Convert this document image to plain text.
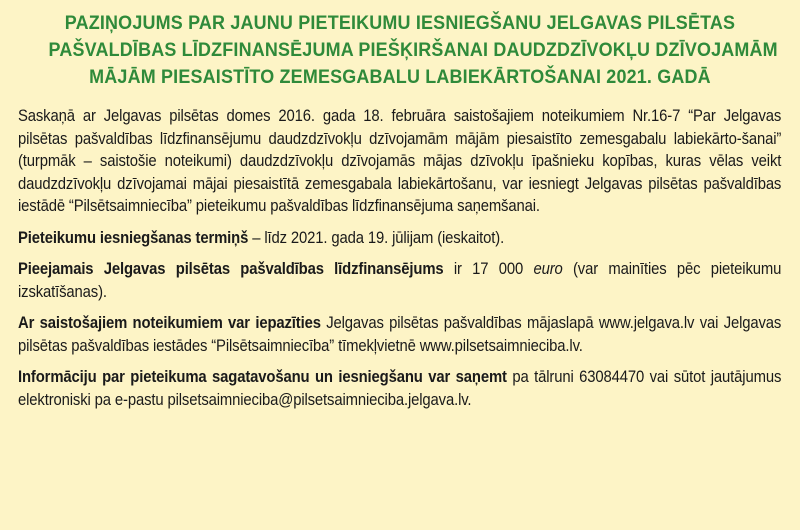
PAZIŅOJUMS PAR JAUNU PIETEIKUMU IESNIEGŠANU JELGAVAS PILSĒTAS
PAŠVALDĪBAS LĪDZFINANSĒJUMA PIEŠĶIRŠANAI DAUDZDZĪVOKĻU DZĪVOJAMĀM
MĀJĀM PIESAISTĪTO ZEMESGABALU LABIEKĀRTOŠANAI 2021. GADĀ

Saskaņā ar Jelgavas pilsētas domes 2016. gada 18. februāra saistošajiem noteikumiem Nr.16-7 “Par Jelgavas pilsētas pašvaldības līdzfinansējumu daudzdzīvokļu dzīvojamām mājām piesaistīto zemesgabalu labiekārto-šanai” (turpmāk – saistošie noteikumi) daudzdzīvokļu dzīvojamās mājas dzīvokļu īpašnieku kopības, kuras vēlas veikt daudzdzīvokļu dzīvojamai mājai piesaistītā zemesgabala labiekārtošanu, var iesniegt Jelgavas pilsētas pašvaldības iestādē “Pilsētsaimniecība” pieteikumu pašvaldības līdzfinansējuma saņemšanai.

Pieteikumu iesniegšanas termiņš – līdz 2021. gada 19. jūlijam (ieskaitot).

Pieejamais Jelgavas pilsētas pašvaldības līdzfinansējums ir 17 000 euro (var mainīties pēc pieteikumu izskatīšanas).

Ar saistošajiem noteikumiem var iepazīties Jelgavas pilsētas pašvaldības mājaslapā www.jelgava.lv vai Jelgavas pilsētas pašvaldības iestādes “Pilsētsaimniecība” tīmekļvietnē www.pilsetsaimnieciba.lv.

Informāciju par pieteikuma sagatavošanu un iesniegšanu var saņemt pa tālruni 63084470 vai sūtot jautājumus elektroniski pa e-pastu pilsetsaimnieciba@pilsetsaimnieciba.jelgava.lv.
